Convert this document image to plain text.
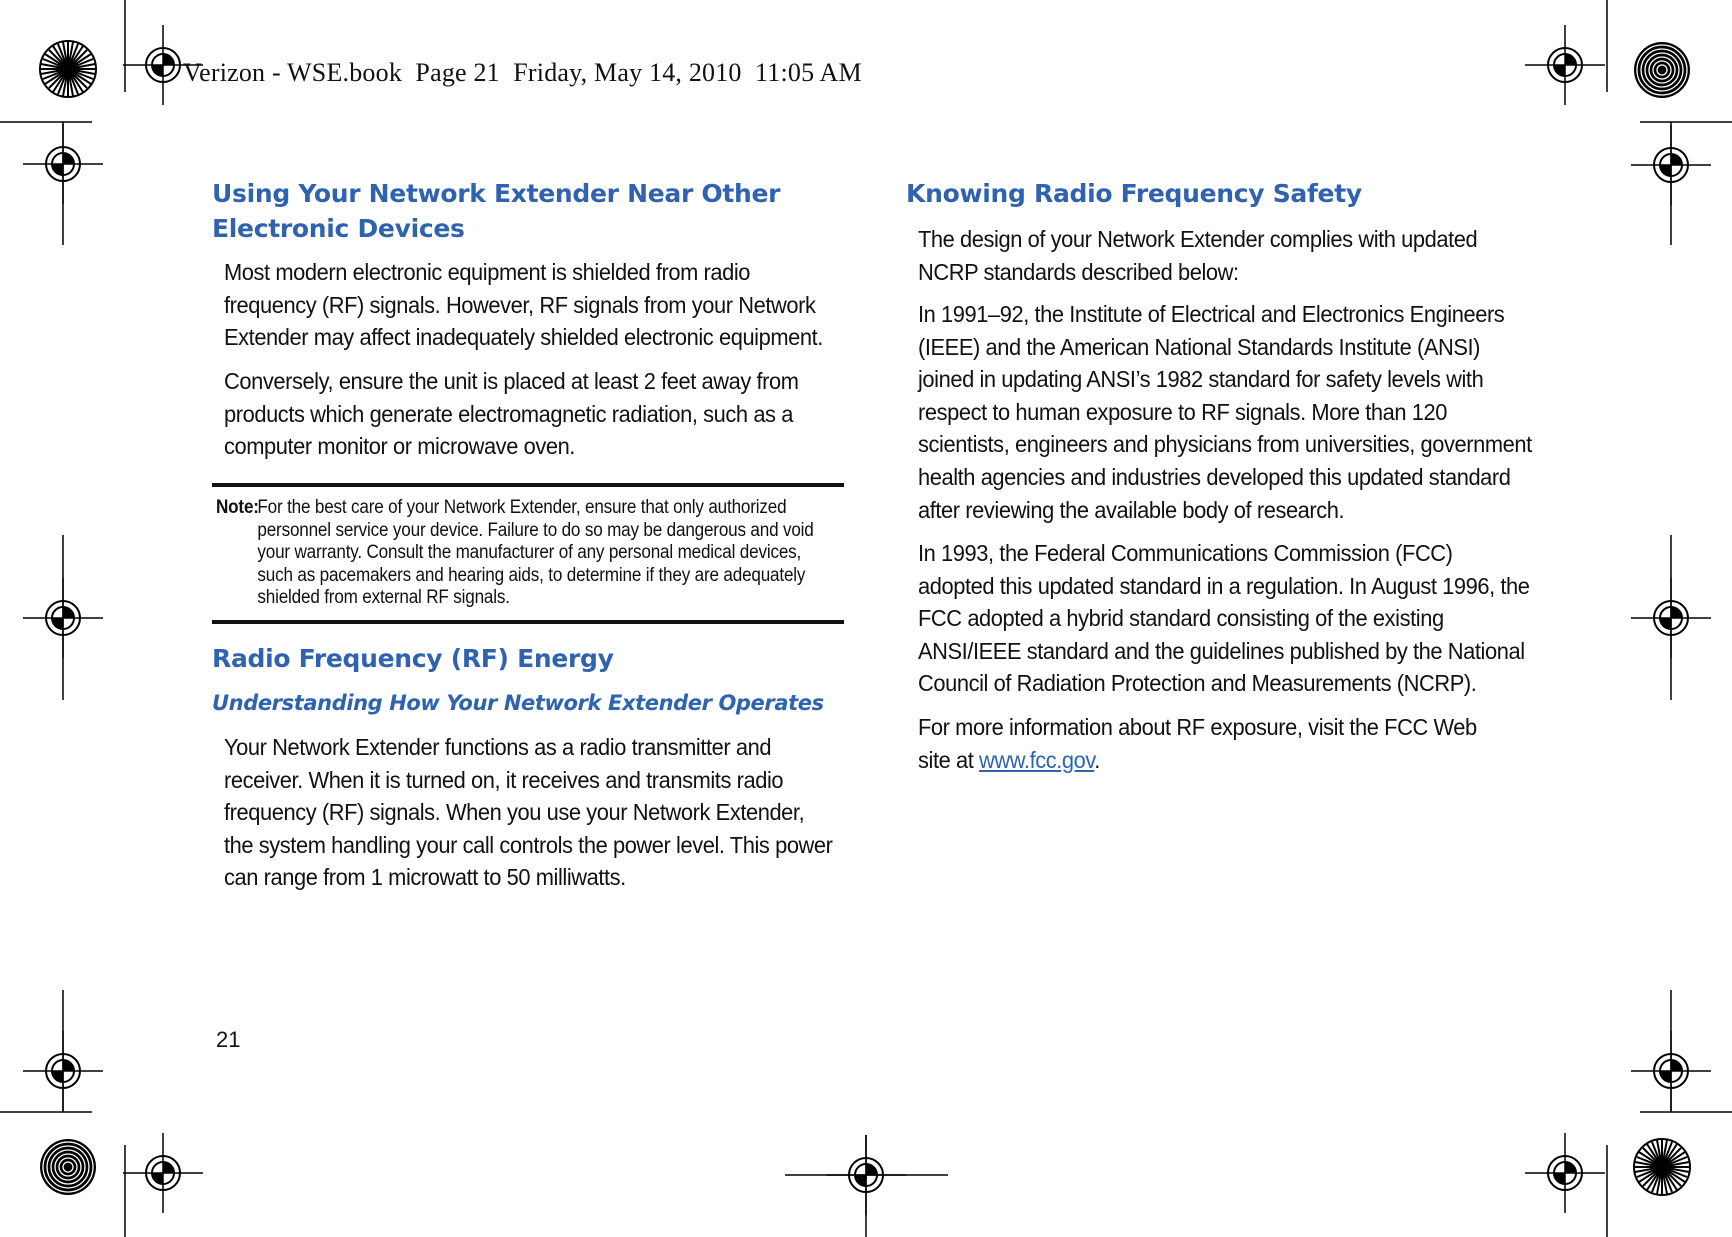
Verizon - WSE.book  Page 21  Friday, May 14, 2010  11:05 AM
Using Your Network Extender Near Other Electronic Devices

Most modern electronic equipment is shielded from radio frequency (RF) signals. However, RF signals from your Network Extender may affect inadequately shielded electronic equipment.

Conversely, ensure the unit is placed at least 2 feet away from products which generate electromagnetic radiation, such as a computer monitor or microwave oven.

Note:
For the best care of your Network Extender, ensure that only authorized personnel service your device. Failure to do so may be dangerous and void your warranty. Consult the manufacturer of any personal medical devices, such as pacemakers and hearing aids, to determine if they are adequately shielded from external RF signals.
Radio Frequency (RF) Energy
Understanding How Your Network Extender Operates

Your Network Extender functions as a radio transmitter and receiver. When it is turned on, it receives and transmits radio frequency (RF) signals. When you use your Network Extender, the system handling your call controls the power level. This power can range from 1 microwatt to 50 milliwatts.

Knowing Radio Frequency Safety

The design of your Network Extender complies with updated NCRP standards described below:

In 1991–92, the Institute of Electrical and Electronics Engineers (IEEE) and the American National Standards Institute (ANSI) joined in updating ANSI’s 1982 standard for safety levels with respect to human exposure to RF signals. More than 120 scientists, engineers and physicians from universities, government health agencies and industries developed this updated standard after reviewing the available body of research.

In 1993, the Federal Communications Commission (FCC) adopted this updated standard in a regulation. In August 1996, the FCC adopted a hybrid standard consisting of the existing ANSI/IEEE standard and the guidelines published by the National Council of Radiation Protection and Measurements (NCRP).

For more information about RF exposure, visit the FCC Web site at www.fcc.gov.

21
